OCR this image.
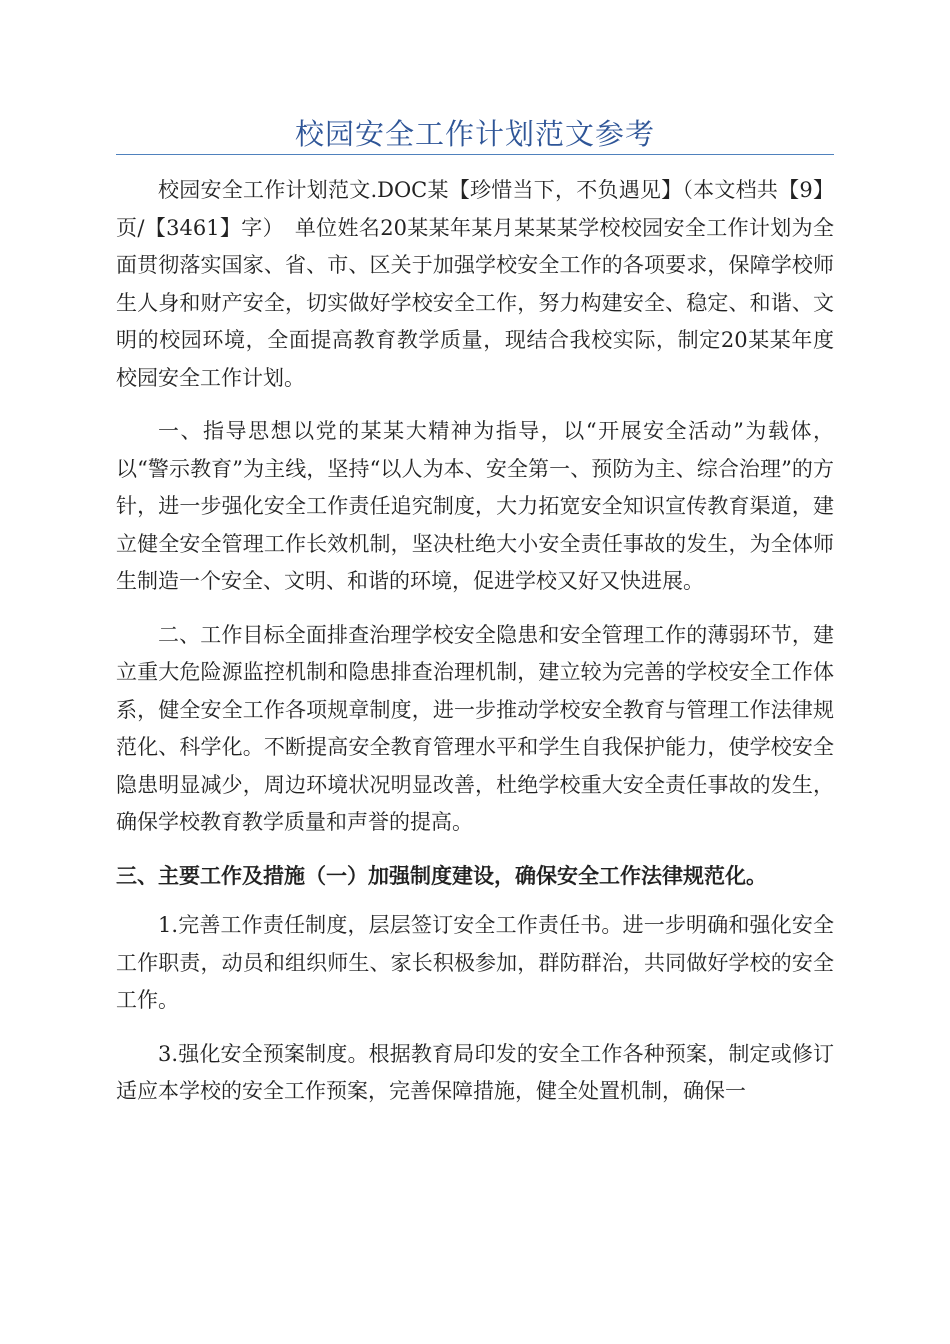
校园安全工作计划范文参考

校园安全工作计划范文.DOC某【珍惜当下，不负遇见】（本文档共【9】页/【3461】字）　单位姓名20某某年某月某某某学校校园安全工作计划为全面贯彻落实国家、省、市、区关于加强学校安全工作的各项要求，保障学校师生人身和财产安全，切实做好学校安全工作，努力构建安全、稳定、和谐、文明的校园环境，全面提高教育教学质量，现结合我校实际，制定20某某年度校园安全工作计划。

一、指导思想以党的某某大精神为指导，以“开展安全活动”为载体，以“警示教育”为主线，坚持“以人为本、安全第一、预防为主、综合治理”的方针，进一步强化安全工作责任追究制度，大力拓宽安全知识宣传教育渠道，建立健全安全管理工作长效机制，坚决杜绝大小安全责任事故的发生，为全体师生制造一个安全、文明、和谐的环境，促进学校又好又快进展。

二、工作目标全面排查治理学校安全隐患和安全管理工作的薄弱环节，建立重大危险源监控机制和隐患排查治理机制，建立较为完善的学校安全工作体系，健全安全工作各项规章制度，进一步推动学校安全教育与管理工作法律规范化、科学化。不断提高安全教育管理水平和学生自我保护能力，使学校安全隐患明显减少，周边环境状况明显改善，杜绝学校重大安全责任事故的发生，确保学校教育教学质量和声誉的提高。

三、主要工作及措施（一）加强制度建设，确保安全工作法律规范化。

1.完善工作责任制度，层层签订安全工作责任书。进一步明确和强化安全工作职责，动员和组织师生、家长积极参加，群防群治，共同做好学校的安全工作。

3.强化安全预案制度。根据教育局印发的安全工作各种预案，制定或修订适应本学校的安全工作预案，完善保障措施，健全处置机制，确保一
